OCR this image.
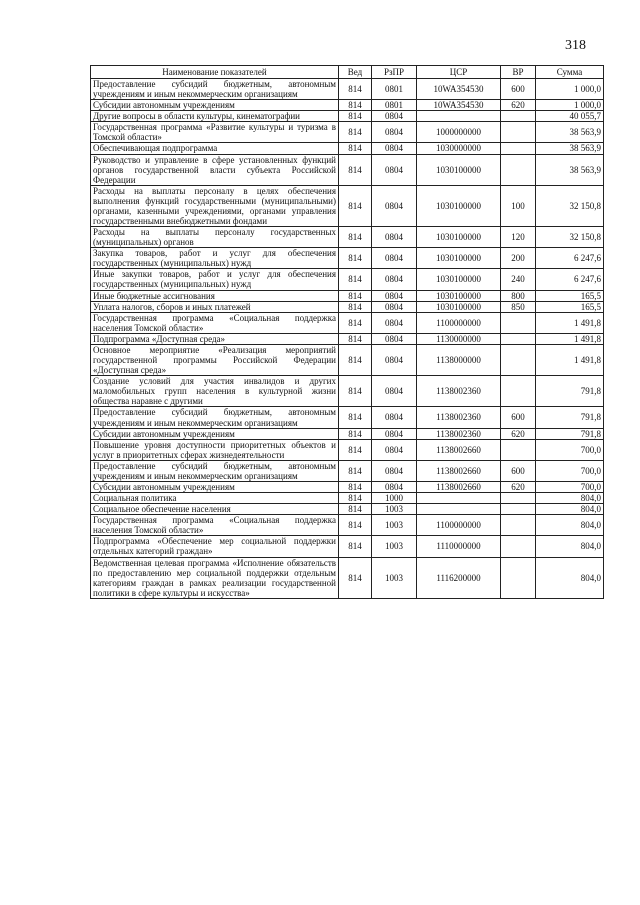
318
Наименование показателей	Вед	РзПР	ЦСР	ВР	Сумма
Предоставление субсидий бюджетным, автономным учреждениям и иным некоммерческим организациям	814	0801	10WA354530	600	1 000,0
Субсидии автономным учреждениям	814	0801	10WA354530	620	1 000,0
Другие вопросы в области культуры, кинематографии	814	0804			40 055,7
Государственная программа «Развитие культуры и туризма в Томской области»	814	0804	1000000000		38 563,9
Обеспечивающая подпрограмма	814	0804	1030000000		38 563,9
Руководство и управление в сфере установленных функций органов государственной власти субъекта Российской Федерации	814	0804	1030100000		38 563,9
Расходы на выплаты персоналу в целях обеспечения выполнения функций государственными (муниципальными) органами, казенными учреждениями, органами управления государственными внебюджетными фондами	814	0804	1030100000	100	32 150,8
Расходы на выплаты персоналу государственных (муниципальных) органов	814	0804	1030100000	120	32 150,8
Закупка товаров, работ и услуг для обеспечения государственных (муниципальных) нужд	814	0804	1030100000	200	6 247,6
Иные закупки товаров, работ и услуг для обеспечения государственных (муниципальных) нужд	814	0804	1030100000	240	6 247,6
Иные бюджетные ассигнования	814	0804	1030100000	800	165,5
Уплата налогов, сборов и иных платежей	814	0804	1030100000	850	165,5
Государственная программа «Социальная поддержка населения Томской области»	814	0804	1100000000		1 491,8
Подпрограмма «Доступная среда»	814	0804	1130000000		1 491,8
Основное мероприятие «Реализация мероприятий государственной программы Российской Федерации «Доступная среда»	814	0804	1138000000		1 491,8
Создание условий для участия инвалидов и других маломобильных групп населения в культурной жизни общества наравне с другими	814	0804	1138002360		791,8
Предоставление субсидий бюджетным, автономным учреждениям и иным некоммерческим организациям	814	0804	1138002360	600	791,8
Субсидии автономным учреждениям	814	0804	1138002360	620	791,8
Повышение уровня доступности приоритетных объектов и услуг в приоритетных сферах жизнедеятельности	814	0804	1138002660		700,0
Предоставление субсидий бюджетным, автономным учреждениям и иным некоммерческим организациям	814	0804	1138002660	600	700,0
Субсидии автономным учреждениям	814	0804	1138002660	620	700,0
Социальная политика	814	1000			804,0
Социальное обеспечение населения	814	1003			804,0
Государственная программа «Социальная поддержка населения Томской области»	814	1003	1100000000		804,0
Подпрограмма «Обеспечение мер социальной поддержки отдельных категорий граждан»	814	1003	1110000000		804,0
Ведомственная целевая программа «Исполнение обязательств по предоставлению мер социальной поддержки отдельным категориям граждан в рамках реализации государственной политики в сфере культуры и искусства»	814	1003	1116200000		804,0
